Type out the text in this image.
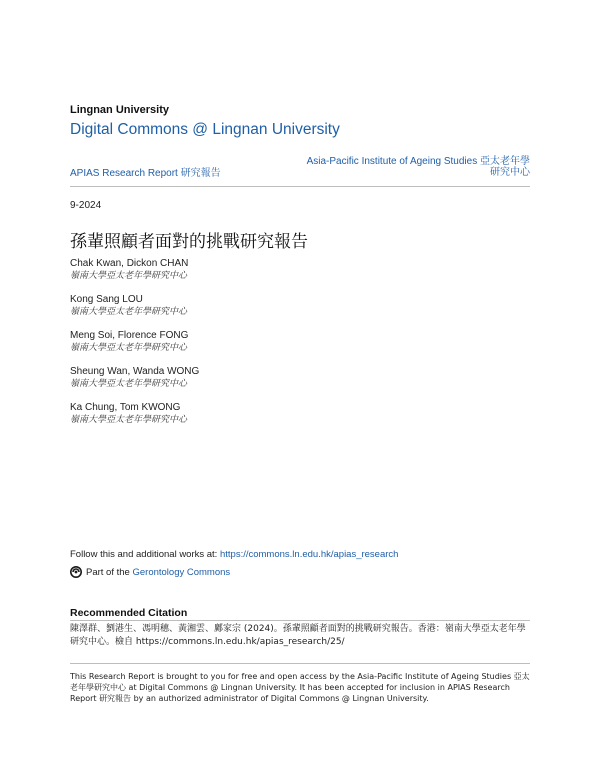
Lingnan University
Digital Commons @ Lingnan University
APIAS Research Report 研究報告
Asia-Pacific Institute of Ageing Studies 亞太老年學研究中心
9-2024
孫輩照顧者面對的挑戰研究報告
Chak Kwan, Dickon CHAN
嶺南大學亞太老年學研究中心
Kong Sang LOU
嶺南大學亞太老年學研究中心
Meng Soi, Florence FONG
嶺南大學亞太老年學研究中心
Sheung Wan, Wanda WONG
嶺南大學亞太老年學研究中心
Ka Chung, Tom KWONG
嶺南大學亞太老年學研究中心
Follow this and additional works at: https://commons.ln.edu.hk/apias_research
Part of the
Gerontology Commons
Recommended Citation
陳澤群、劉港生、馮明穗、黃湘雲、鄺家宗 (2024)。孫輩照顧者面對的挑戰研究報告。香港：嶺南大學亞太老年學研究中心。檢自 https://commons.ln.edu.hk/apias_research/25/
This Research Report is brought to you for free and open access by the Asia-Pacific Institute of Ageing Studies 亞太老年學研究中心 at Digital Commons @ Lingnan University. It has been accepted for inclusion in APIAS Research Report 研究報告 by an authorized administrator of Digital Commons @ Lingnan University.
